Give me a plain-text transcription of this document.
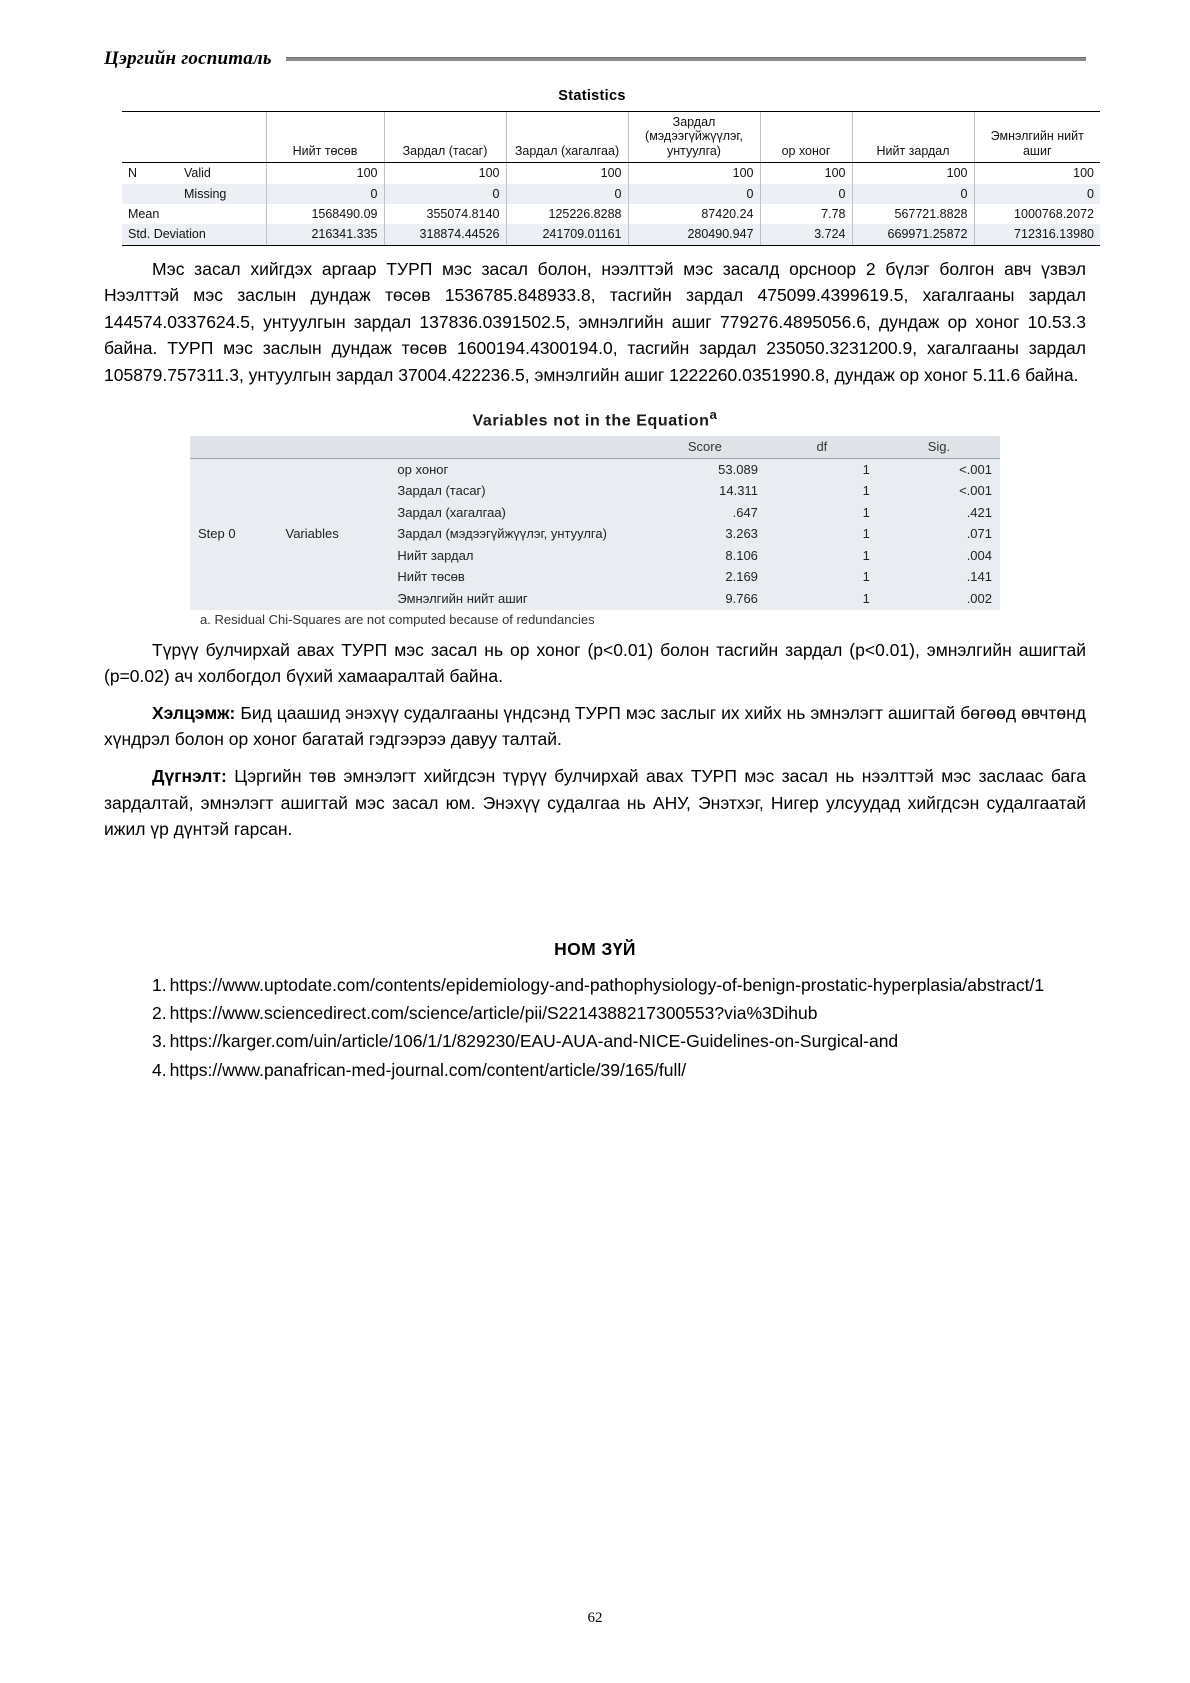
Цэргийн госпиталь
Statistics
		Нийт төсөв	Зардал (тасаг)	Зардал (хагалгаа)	Зардал (мэдээгүйжүүлэг, унтуулга)	ор хоног	Нийт зардал	Эмнэлгийн нийт ашиг
N	Valid	100	100	100	100	100	100	100
	Missing	0	0	0	0	0	0	0
Mean		1568490.09	355074.8140	125226.8288	87420.24	7.78	567721.8828	1000768.2072
Std. Deviation		216341.335	318874.44526	241709.01161	280490.947	3.724	669971.25872	712316.13980

Мэс засал хийгдэх аргаар ТУРП мэс засал болон, нээлттэй мэс засалд орсноор 2 бүлэг болгон авч үзвэл Нээлттэй мэс заслын дундаж төсөв 1536785.848933.8, тасгийн зардал 475099.4399619.5, хагалгааны зардал 144574.0337624.5, унтуулгын зардал 137836.0391502.5, эмнэлгийн ашиг 779276.4895056.6, дундаж ор хоног 10.53.3 байна. ТУРП мэс заслын дундаж төсөв 1600194.4300194.0, тасгийн зардал 235050.3231200.9, хагалгааны зардал 105879.757311.3, унтуулгын зардал 37004.422236.5, эмнэлгийн ашиг 1222260.0351990.8, дундаж ор хоног 5.11.6 байна.

Variables not in the Equation$^a$
			Score	df	Sig.
Step 0	Variables	ор хоног	53.089	1	<.001
		Зардал (тасаг)	14.311	1	<.001
		Зардал (хагалгаа)	.647	1	.421
		Зардал (мэдээгүйжүүлэг, унтуулга)	3.263	1	.071
		Нийт зардал	8.106	1	.004
		Нийт төсөв	2.169	1	.141
		Эмнэлгийн нийт ашиг	9.766	1	.002
a. Residual Chi-Squares are not computed because of redundancies

Түрүү булчирхай авах ТУРП мэс засал нь ор хоног (p<0.01) болон тасгийн зардал (p<0.01), эмнэлгийн ашигтай (p=0.02) ач холбогдол бүхий хамааралтай байна.

Хэлцэмж: Бид цаашид энэхүү судалгааны үндсэнд ТУРП мэс заслыг их хийх нь эмнэлэгт ашигтай бөгөөд өвчтөнд хүндрэл болон ор хоног багатай гэдгээрээ давуу талтай.

Дүгнэлт: Цэргийн төв эмнэлэгт хийгдсэн түрүү булчирхай авах ТУРП мэс засал нь нээлттэй мэс заслаас бага зардалтай, эмнэлэгт ашигтай мэс засал юм. Энэхүү судалгаа нь АНУ, Энэтхэг, Нигер улсуудад хийгдсэн судалгаатай ижил үр дүнтэй гарсан.

НОМ ЗҮЙ
1. https://www.uptodate.com/contents/epidemiology-and-pathophysiology-of-benign-prostatic-hyperplasia/abstract/1
2. https://www.sciencedirect.com/science/article/pii/S2214388217300553?via%3Dihub
3. https://karger.com/uin/article/106/1/1/829230/EAU-AUA-and-NICE-Guidelines-on-Surgical-and
4. https://www.panafrican-med-journal.com/content/article/39/165/full/
62
